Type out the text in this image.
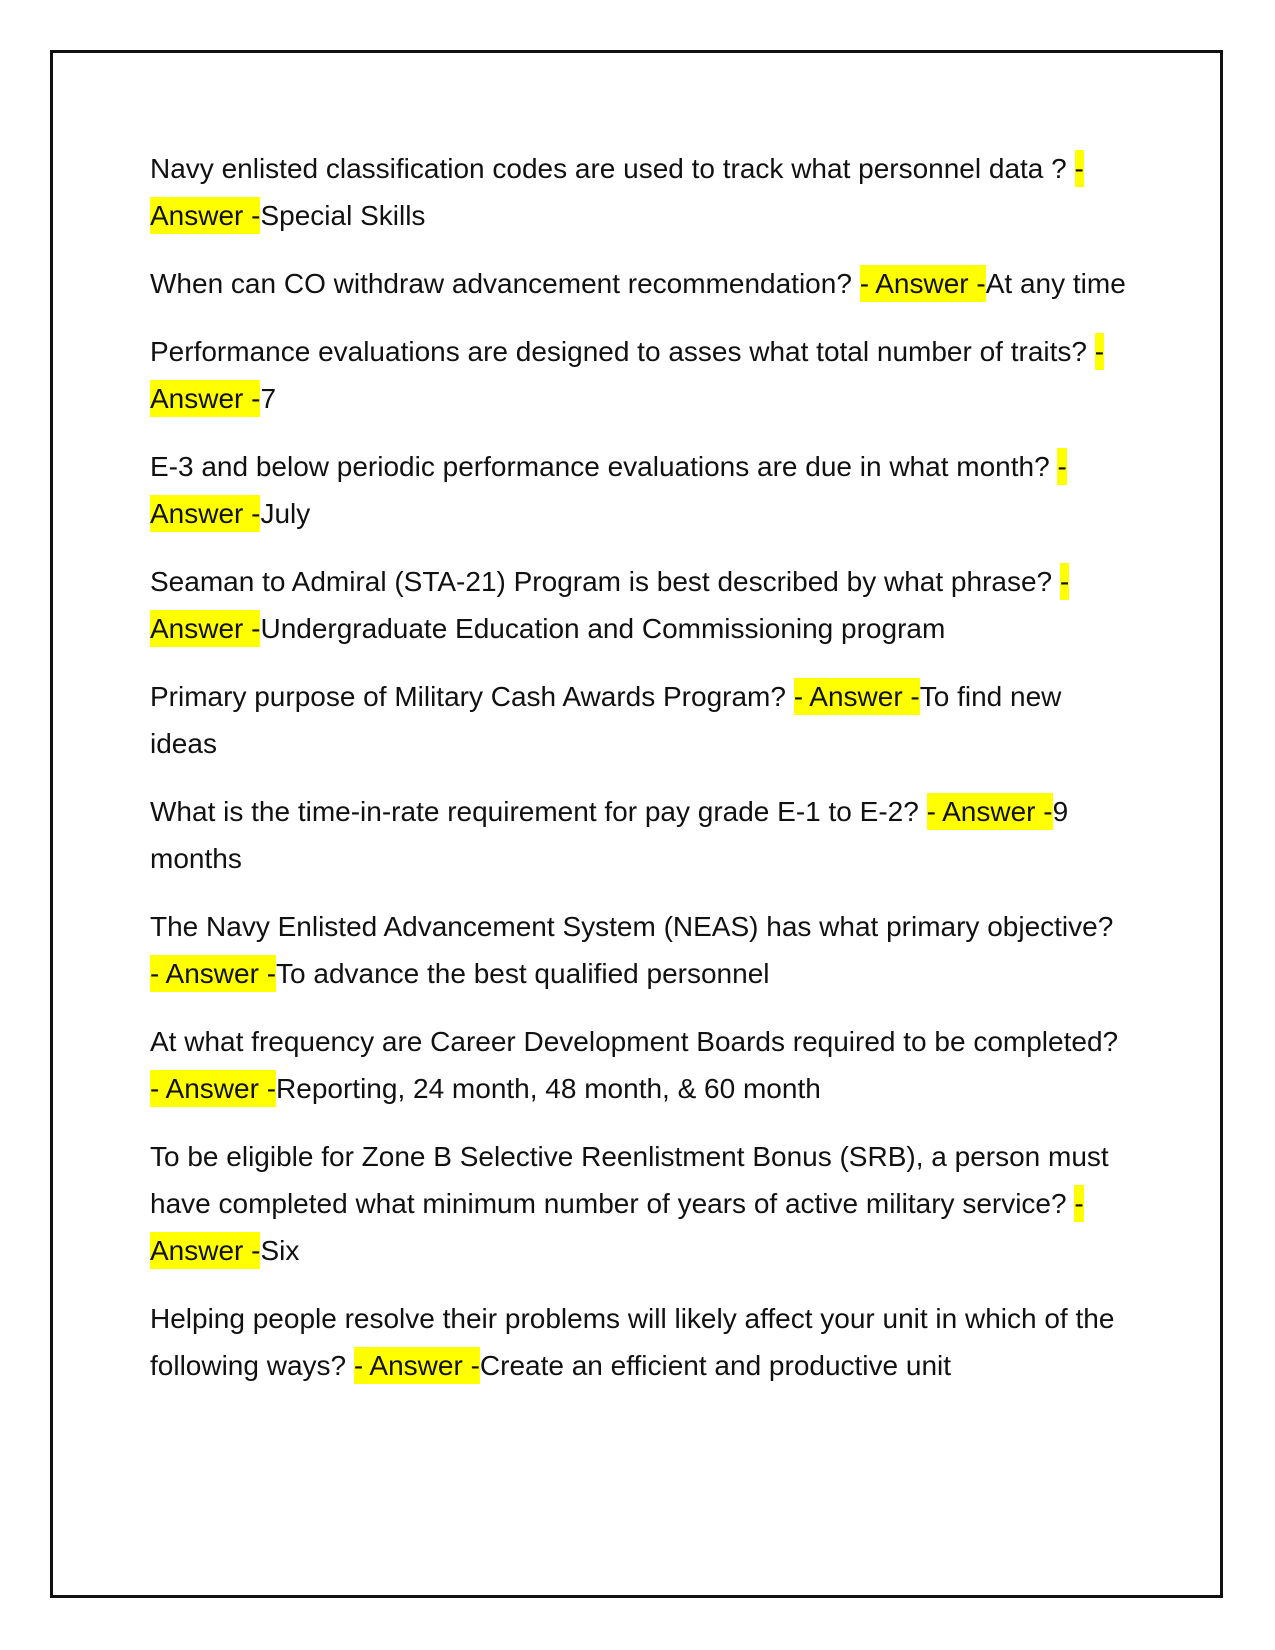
Navy enlisted classification codes are used to track what personnel data ? - Answer -Special Skills
When can CO withdraw advancement recommendation? - Answer -At any time
Performance evaluations are designed to asses what total number of traits? - Answer -7
E-3 and below periodic performance evaluations are due in what month? - Answer -July
Seaman to Admiral (STA-21) Program is best described by what phrase? - Answer -Undergraduate Education and Commissioning program
Primary purpose of Military Cash Awards Program? - Answer -To find new ideas
What is the time-in-rate requirement for pay grade E-1 to E-2? - Answer -9 months
The Navy Enlisted Advancement System (NEAS) has what primary objective? - Answer -To advance the best qualified personnel
At what frequency are Career Development Boards required to be completed? - Answer -Reporting, 24 month, 48 month, & 60 month
To be eligible for Zone B Selective Reenlistment Bonus (SRB), a person must have completed what minimum number of years of active military service? - Answer -Six
Helping people resolve their problems will likely affect your unit in which of the following ways? - Answer -Create an efficient and productive unit
